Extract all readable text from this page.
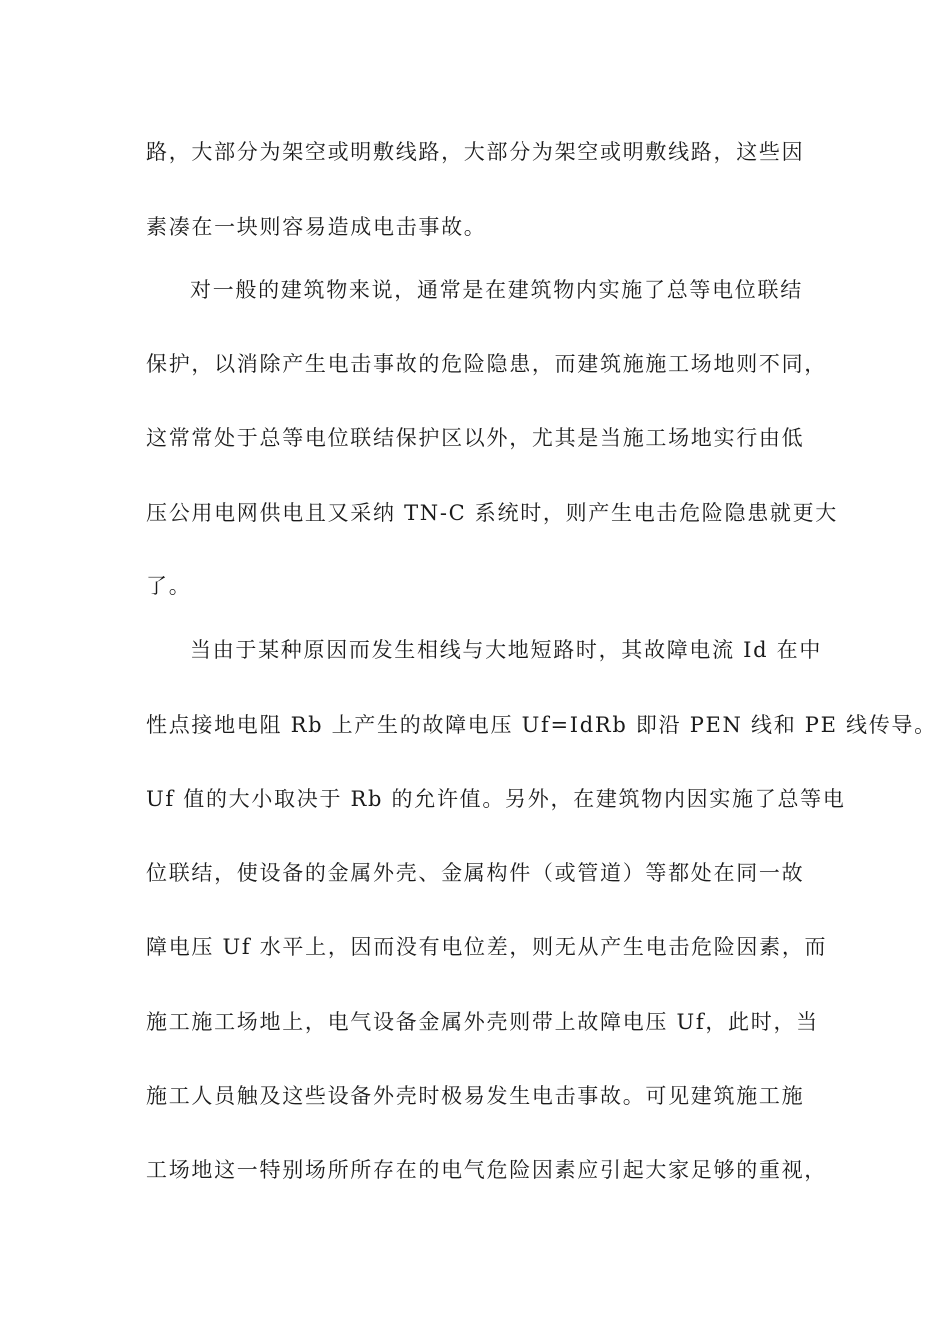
路，大部分为架空或明敷线路，大部分为架空或明敷线路，这些因
素凑在一块则容易造成电击事故。
对一般的建筑物来说，通常是在建筑物内实施了总等电位联结
保护，以消除产生电击事故的危险隐患，而建筑施施工场地则不同，
这常常处于总等电位联结保护区以外，尤其是当施工场地实行由低
压公用电网供电且又采纳 TN-C 系统时，则产生电击危险隐患就更大
了。
当由于某种原因而发生相线与大地短路时，其故障电流 Id 在中
性点接地电阻 Rb 上产生的故障电压 Uf=IdRb 即沿 PEN 线和 PE 线传导。
Uf 值的大小取决于 Rb 的允许值。另外，在建筑物内因实施了总等电
位联结，使设备的金属外壳、金属构件（或管道）等都处在同一故
障电压 Uf 水平上，因而没有电位差，则无从产生电击危险因素，而
施工施工场地上，电气设备金属外壳则带上故障电压 Uf，此时，当
施工人员触及这些设备外壳时极易发生电击事故。可见建筑施工施
工场地这一特别场所所存在的电气危险因素应引起大家足够的重视，
